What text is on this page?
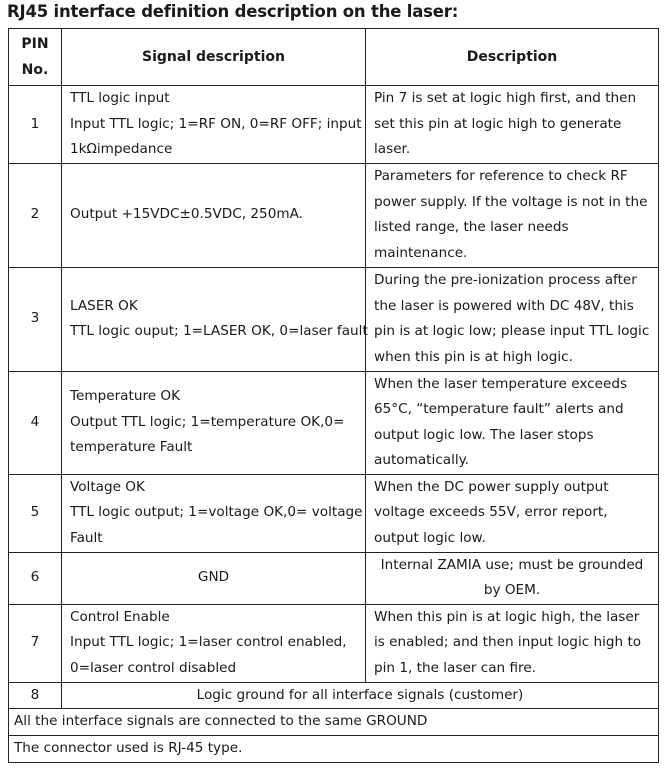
RJ45 interface definition description on the laser:
PIN
No.	Signal description	Description
1	TTL logic input
Input TTL logic; 1=RF ON, 0=RF OFF; input
1kΩimpedance	Pin 7 is set at logic high first, and then set this pin at logic high to generate laser.
2	Output +15VDC±0.5VDC, 250mA.	Parameters for reference to check RF power supply. If the voltage is not in the listed range, the laser needs maintenance.
3	LASER OK
TTL logic ouput; 1=LASER OK, 0=laser fault	During the pre-ionization process after the laser is powered with DC 48V, this pin is at logic low; please input TTL logic when this pin is at high logic.
4	Temperature OK
Output TTL logic; 1=temperature OK,0=
temperature Fault	When the laser temperature exceeds 65°C, “temperature fault” alerts and output logic low. The laser stops automatically.
5	Voltage OK
TTL logic output; 1=voltage OK,0= voltage
Fault	When the DC power supply output voltage exceeds 55V, error report, output logic low.
6	GND	Internal ZAMIA use; must be grounded by OEM.
7	Control Enable
Input TTL logic; 1=laser control enabled,
0=laser control disabled	When this pin is at logic high, the laser is enabled; and then input logic high to pin 1, the laser can fire.
8	Logic ground for all interface signals (customer)	
All the interface signals are connected to the same GROUND		
The connector used is RJ-45 type.		
